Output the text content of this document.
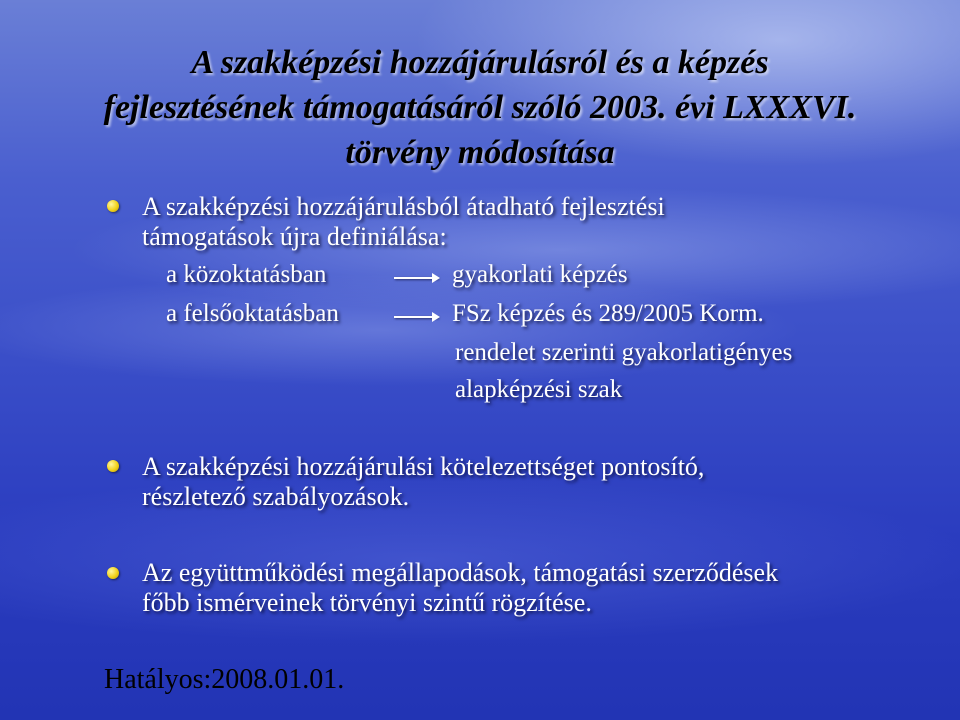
A szakképzési hozzájárulásról és a képzés
fejlesztésének támogatásáról szóló 2003. évi LXXXVI.
törvény módosítása
A szakképzési hozzájárulásból átadható fejlesztési
támogatások újra definiálása:
a közoktatásban	gyakorlati képzés
a felsőoktatásban	FSz képzés és 289/2005 Korm.
rendelet szerinti gyakorlatigényes
alapképzési szak
A szakképzési hozzájárulási kötelezettséget pontosító,
részletező szabályozások.
Az együttműködési megállapodások, támogatási szerződések
főbb ismérveinek törvényi szintű rögzítése.
Hatályos:2008.01.01.
